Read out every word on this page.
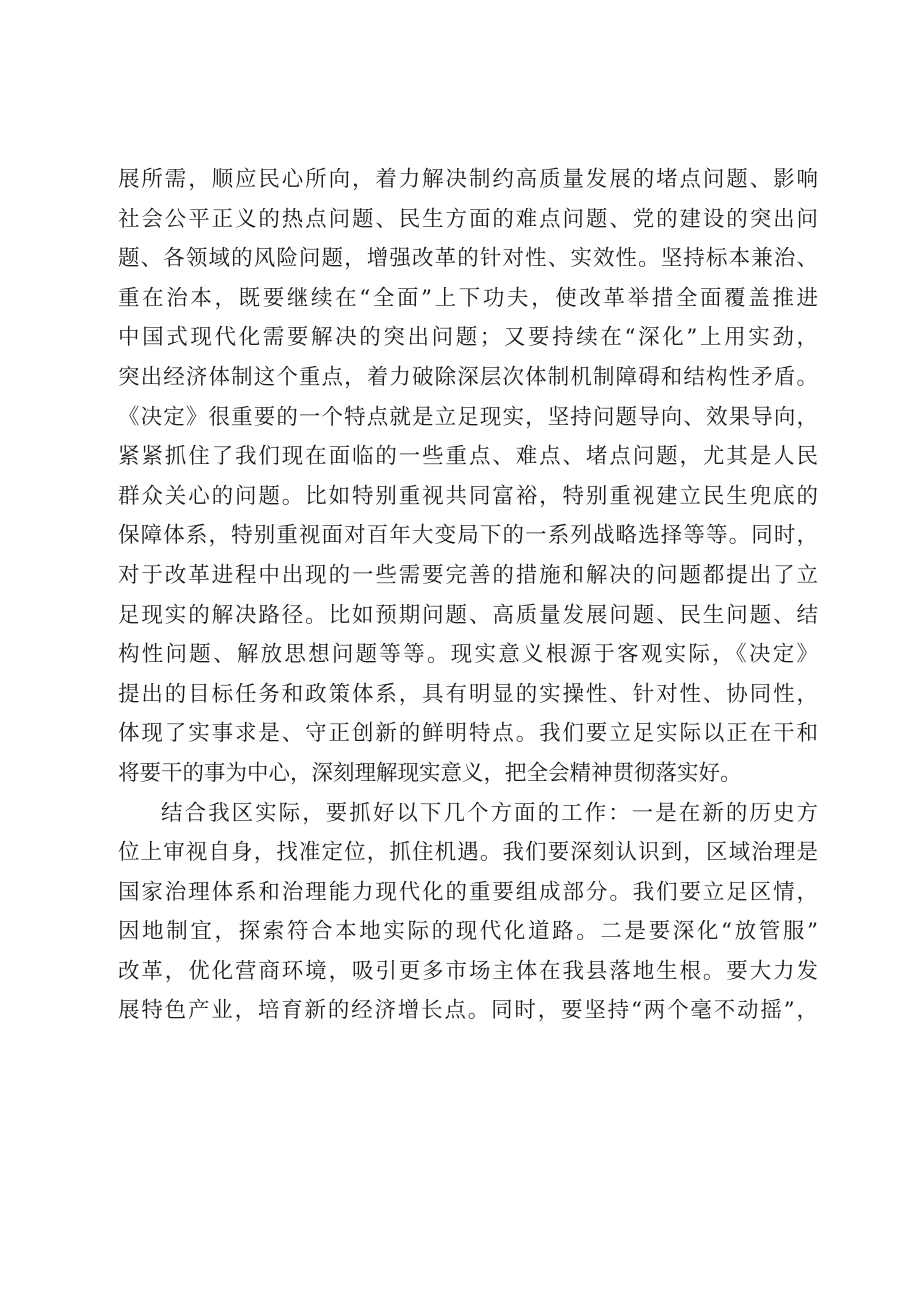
展所需，顺应民心所向，着力解决制约高质量发展的堵点问题、影响
社会公平正义的热点问题、民生方面的难点问题、党的建设的突出问
题、各领域的风险问题，增强改革的针对性、实效性。坚持标本兼治、
重在治本，既要继续在“全面”上下功夫，使改革举措全面覆盖推进
中国式现代化需要解决的突出问题；又要持续在“深化”上用实劲，
突出经济体制这个重点，着力破除深层次体制机制障碍和结构性矛盾。
《决定》很重要的一个特点就是立足现实，坚持问题导向、效果导向，
紧紧抓住了我们现在面临的一些重点、难点、堵点问题，尤其是人民
群众关心的问题。比如特别重视共同富裕，特别重视建立民生兜底的
保障体系，特别重视面对百年大变局下的一系列战略选择等等。同时，
对于改革进程中出现的一些需要完善的措施和解决的问题都提出了立
足现实的解决路径。比如预期问题、高质量发展问题、民生问题、结
构性问题、解放思想问题等等。现实意义根源于客观实际，《决定》
提出的目标任务和政策体系，具有明显的实操性、针对性、协同性，
体现了实事求是、守正创新的鲜明特点。我们要立足实际以正在干和
将要干的事为中心，深刻理解现实意义，把全会精神贯彻落实好。
结合我区实际，要抓好以下几个方面的工作：一是在新的历史方
位上审视自身，找准定位，抓住机遇。我们要深刻认识到，区域治理是
国家治理体系和治理能力现代化的重要组成部分。我们要立足区情，
因地制宜，探索符合本地实际的现代化道路。二是要深化“放管服”
改革，优化营商环境，吸引更多市场主体在我县落地生根。要大力发
展特色产业，培育新的经济增长点。同时，要坚持“两个毫不动摇”，
